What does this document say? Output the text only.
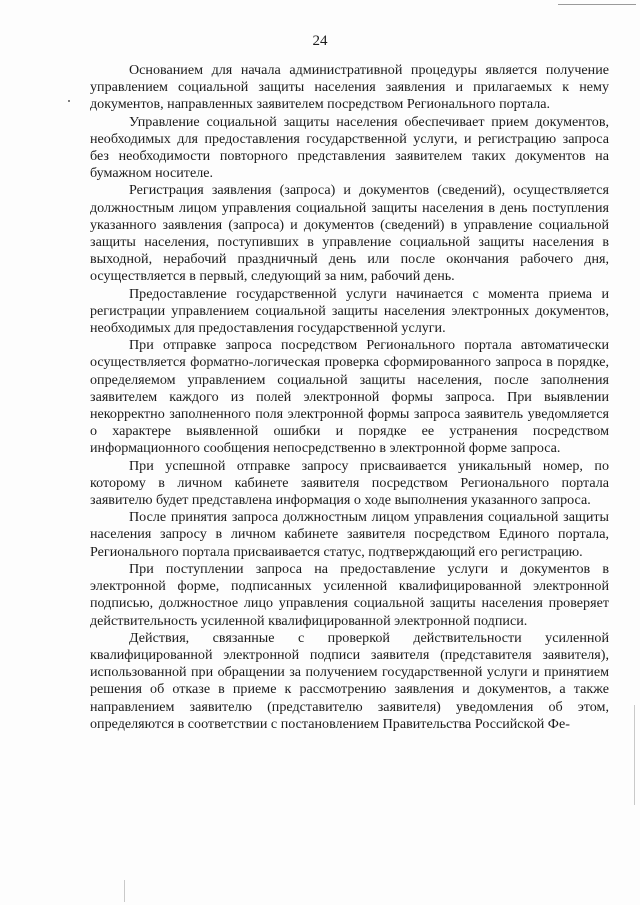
24

Основанием для начала административной процедуры является получение управлением социальной защиты населения заявления и прилагаемых к нему документов, направленных заявителем посредством Регионального портала.

Управление социальной защиты населения обеспечивает прием документов, необходимых для предоставления государственной услуги, и регистрацию запроса без необходимости повторного представления заявителем таких документов на бумажном носителе.

Регистрация заявления (запроса) и документов (сведений), осуществляется должностным лицом управления социальной защиты населения в день поступления указанного заявления (запроса) и документов (сведений) в управление социальной защиты населения, поступивших в управление социальной защиты населения в выходной, нерабочий праздничный день или после окончания рабочего дня, осуществляется в первый, следующий за ним, рабочий день.

Предоставление государственной услуги начинается с момента приема и регистрации управлением социальной защиты населения электронных документов, необходимых для предоставления государственной услуги.

При отправке запроса посредством Регионального портала автоматически осуществляется форматно-логическая проверка сформированного запроса в порядке, определяемом управлением социальной защиты населения, после заполнения заявителем каждого из полей электронной формы запроса. При выявлении некорректно заполненного поля электронной формы запроса заявитель уведомляется о характере выявленной ошибки и порядке ее устранения посредством информационного сообщения непосредственно в электронной форме запроса.

При успешной отправке запросу присваивается уникальный номер, по которому в личном кабинете заявителя посредством Регионального портала заявителю будет представлена информация о ходе выполнения указанного запроса.

После принятия запроса должностным лицом управления социальной защиты населения запросу в личном кабинете заявителя посредством Единого портала, Регионального портала присваивается статус, подтверждающий его регистрацию.

При поступлении запроса на предоставление услуги и документов в электронной форме, подписанных усиленной квалифицированной электронной подписью, должностное лицо управления социальной защиты населения проверяет действительность усиленной квалифицированной электронной подписи.

Действия, связанные с проверкой действительности усиленной квалифицированной электронной подписи заявителя (представителя заявителя), использованной при обращении за получением государственной услуги и принятием решения об отказе в приеме к рассмотрению заявления и документов, а также направлением заявителю (представителю заявителя) уведомления об этом, определяются в соответствии с постановлением Правительства Российской Фе-
